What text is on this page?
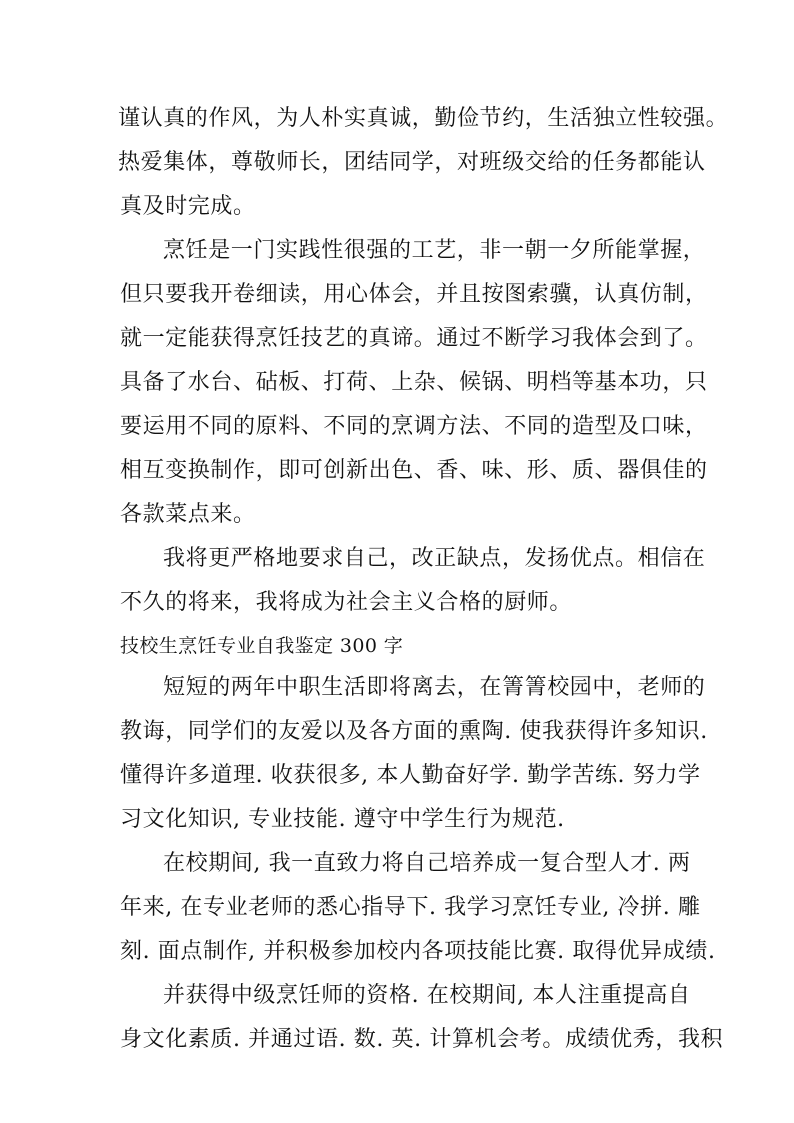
谨认真的作风，为人朴实真诚，勤俭节约，生活独立性较强。
热爱集体，尊敬师长，团结同学，对班级交给的任务都能认
真及时完成。
烹饪是一门实践性很强的工艺，非一朝一夕所能掌握，
但只要我开卷细读，用心体会，并且按图索骥，认真仿制，
就一定能获得烹饪技艺的真谛。通过不断学习我体会到了。
具备了水台、砧板、打荷、上杂、候锅、明档等基本功，只
要运用不同的原料、不同的烹调方法、不同的造型及口味，
相互变换制作，即可创新出色、香、味、形、质、器俱佳的
各款菜点来。
我将更严格地要求自己，改正缺点，发扬优点。相信在
不久的将来，我将成为社会主义合格的厨师。
技校生烹饪专业自我鉴定 300 字
短短的两年中职生活即将离去，在箐箐校园中，老师的
教诲，同学们的友爱以及各方面的熏陶. 使我获得许多知识.
懂得许多道理. 收获很多, 本人勤奋好学. 勤学苦练. 努力学
习文化知识, 专业技能. 遵守中学生行为规范.
在校期间, 我一直致力将自己培养成一复合型人才. 两
年来, 在专业老师的悉心指导下. 我学习烹饪专业, 冷拼. 雕
刻. 面点制作, 并积极参加校内各项技能比赛. 取得优异成绩.
并获得中级烹饪师的资格. 在校期间, 本人注重提高自
身文化素质. 并通过语. 数. 英. 计算机会考。成绩优秀，我积
